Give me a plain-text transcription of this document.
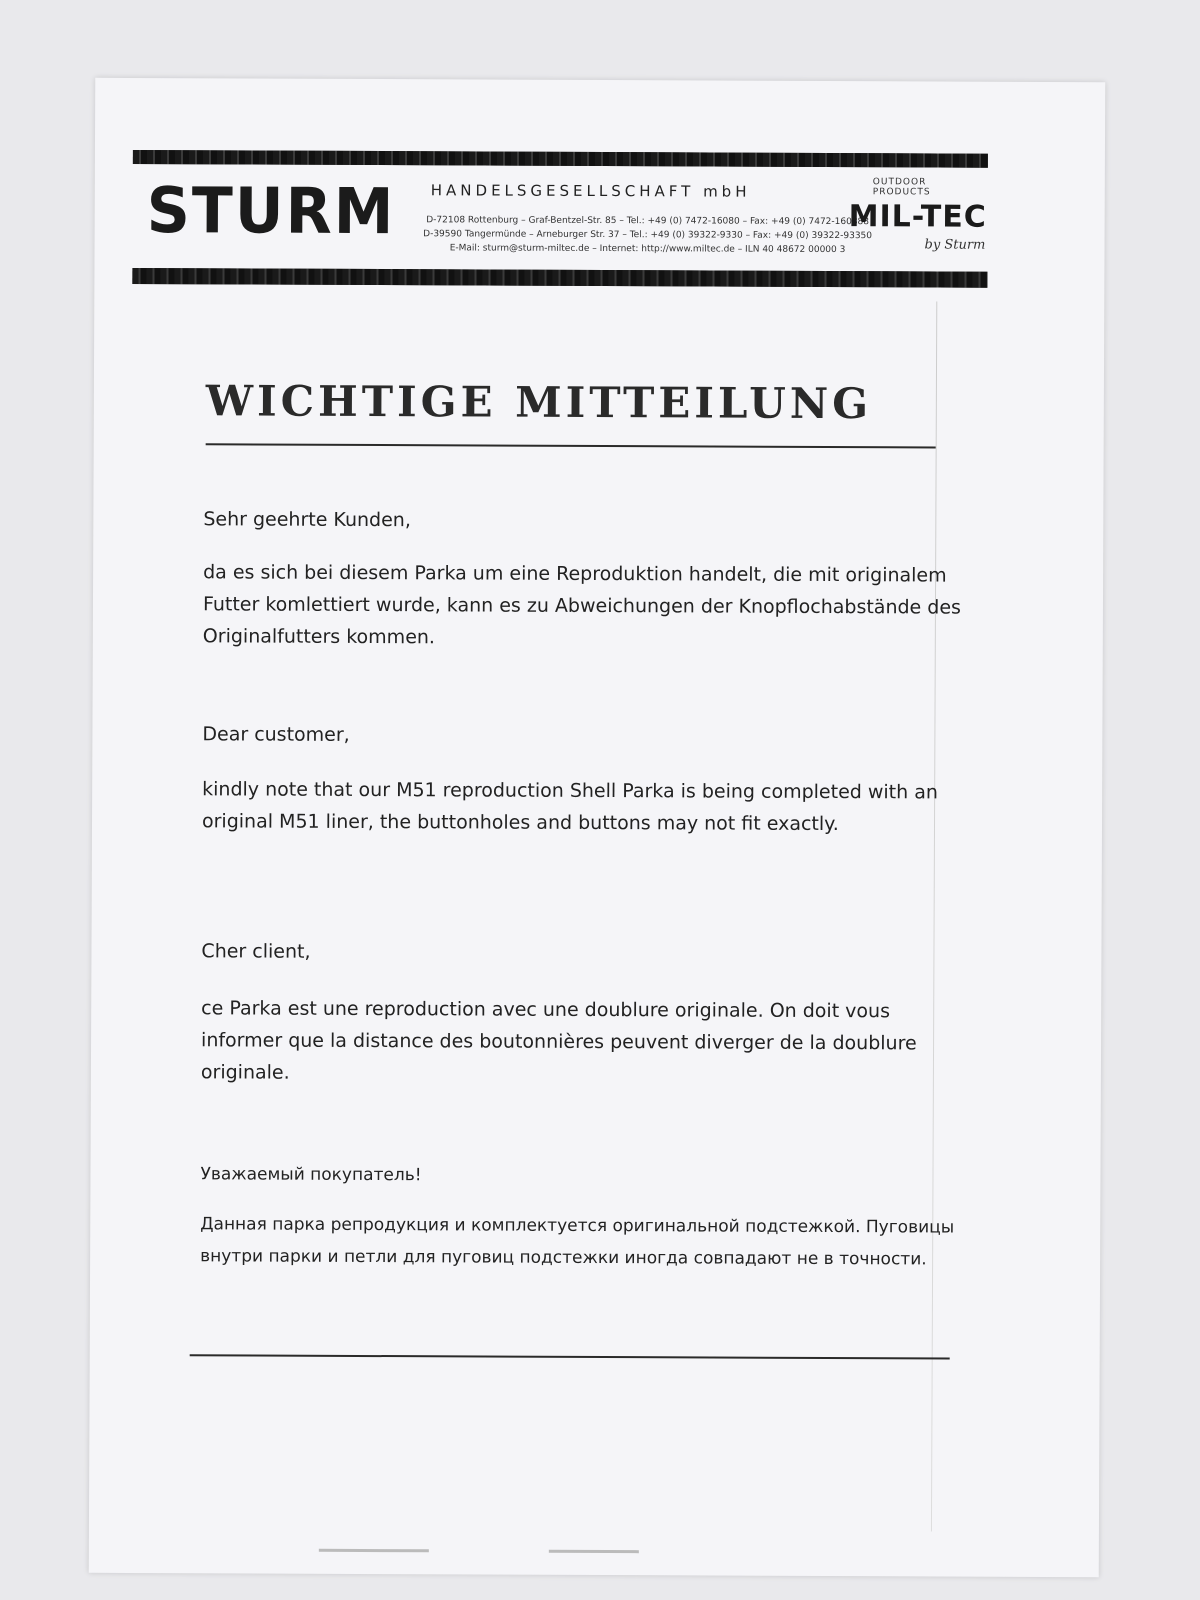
STURM HANDELSGESELLSCHAFT mbH
D-72108 Rottenburg – Graf-Bentzel-Str. 85 – Tel.: +49 (0) 7472-16080 – Fax: +49 (0) 7472-160888
D-39590 Tangermünde – Arneburger Str. 37 – Tel.: +49 (0) 39322-9330 – Fax: +49 (0) 39322-93350
E-Mail: sturm@sturm-miltec.de – Internet: http://www.miltec.de – ILN 40 48672 00000 3
OUTDOOR PRODUCTS
MIL-TEC
by Sturm
WICHTIGE MITTEILUNG
Sehr geehrte Kunden,
da es sich bei diesem Parka um eine Reproduktion handelt, die mit originalem Futter komlettiert wurde, kann es zu Abweichungen der Knopflochabstände des Originalfutters kommen.
Dear customer,
kindly note that our M51 reproduction Shell Parka is being completed with an original M51 liner, the buttonholes and buttons may not fit exactly.
Cher client,
ce Parka est une reproduction avec une doublure originale. On doit vous informer que la distance des boutonnières peuvent diverger de la doublure originale.
Уважаемый покупатель!
Данная парка репродукция и комплектуется оригинальной подстежкой. Пуговицы внутри парки и петли для пуговиц подстежки иногда совпадают не в точности.
